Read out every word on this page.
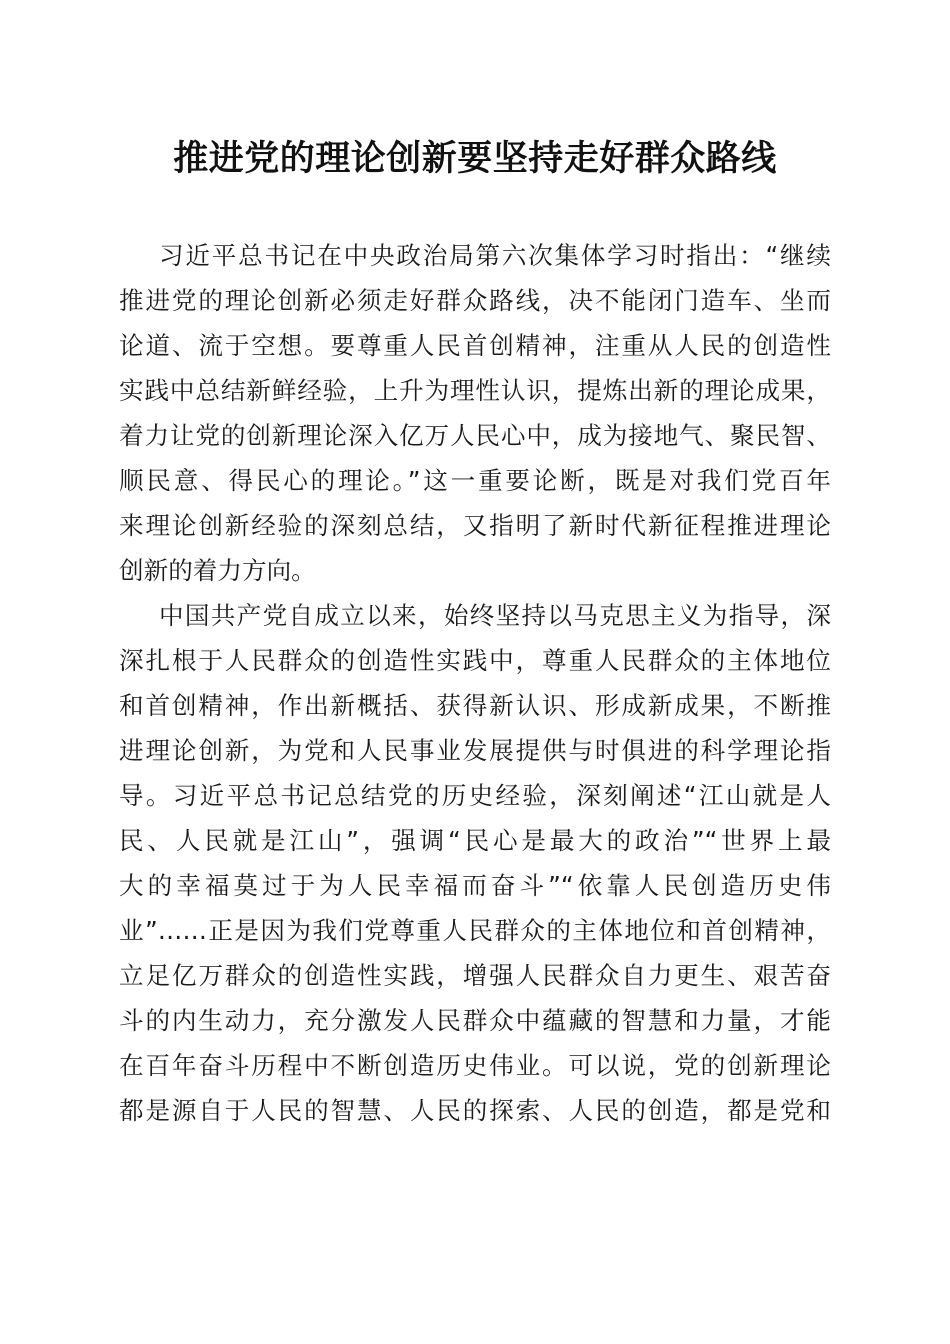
推进党的理论创新要坚持走好群众路线
习近平总书记在中央政治局第六次集体学习时指出：“继续
推进党的理论创新必须走好群众路线，决不能闭门造车、坐而
论道、流于空想。要尊重人民首创精神，注重从人民的创造性
实践中总结新鲜经验，上升为理性认识，提炼出新的理论成果，
着力让党的创新理论深入亿万人民心中，成为接地气、聚民智、
顺民意、得民心的理论。”这一重要论断，既是对我们党百年
来理论创新经验的深刻总结，又指明了新时代新征程推进理论
创新的着力方向。
中国共产党自成立以来，始终坚持以马克思主义为指导，深
深扎根于人民群众的创造性实践中，尊重人民群众的主体地位
和首创精神，作出新概括、获得新认识、形成新成果，不断推
进理论创新，为党和人民事业发展提供与时俱进的科学理论指
导。习近平总书记总结党的历史经验，深刻阐述“江山就是人
民、人民就是江山”，强调“民心是最大的政治”“世界上最
大的幸福莫过于为人民幸福而奋斗”“依靠人民创造历史伟
业”……正是因为我们党尊重人民群众的主体地位和首创精神，
立足亿万群众的创造性实践，增强人民群众自力更生、艰苦奋
斗的内生动力，充分激发人民群众中蕴藏的智慧和力量，才能
在百年奋斗历程中不断创造历史伟业。可以说，党的创新理论
都是源自于人民的智慧、人民的探索、人民的创造，都是党和
